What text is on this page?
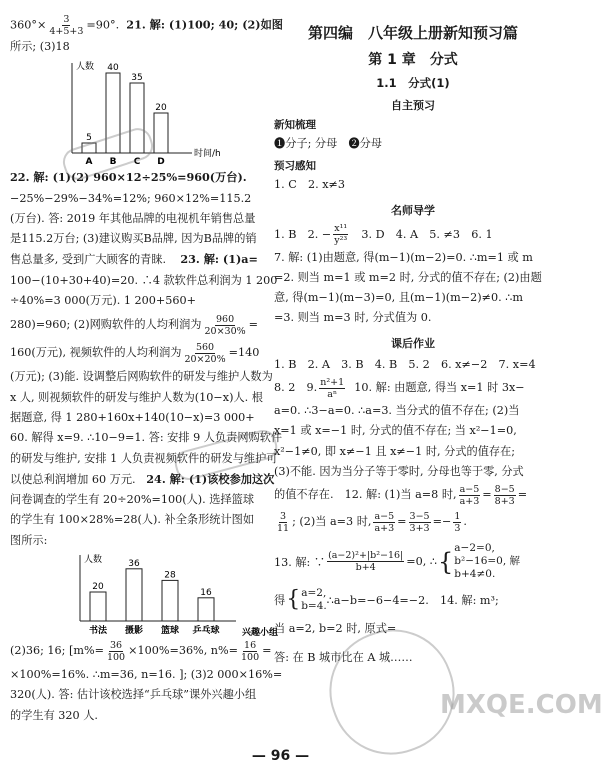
$360^\circ\times \frac{3}{4+5+3} =90^\circ$. 21. 解: (1)100; 40; (2)如图

所示; (3)18

人数
时间/h
5
A
40
B
35
C
20
D

22. 解: (1)(2) 960×12÷25%=960(万台).

−25%−29%−34%=12%; 960×12%=115.2

(万台). 答: 2019 年其他品牌的电视机年销售总量

是115.2万台; (3)建议购买B品牌, 因为B品牌的销

售总量多, 受到广大顾客的青睐. 23. 解: (1)a=

100−(10+30+40)=20. ∴4 款软件总利润为 1 200

÷40%=3 000(万元). 1 200+560+

280)=960; (2)网购软件的人均利润为 $\frac{960}{20\times 30\%}$ =

160(万元), 视频软件的人均利润为 $\frac{560}{20\times 20\%} =140$

(万元); (3)能. 设调整后网购软件的研发与维护人数为

x 人, 则视频软件的研发与维护人数为(10−x)人. 根

据题意, 得 1 280+160x+140(10−x)=3 000+

60. 解得 x=9. ∴10−9=1. 答: 安排 9 人负责网购软件

的研发与维护, 安排 1 人负责视频软件的研发与维护可

以使总利润增加 60 万元. 24. 解: (1)该校参加这次

问卷调查的学生有 20÷20%=100(人). 选择篮球

的学生有 100×28%=28(人). 补全条形统计图如

图所示:

人数
兴趣小组
20
书法
36
摄影
28
篮球
16
乒乓球

(2)36; 16; [$m\%= \frac{36}{100} \times 100\%=36\%$, $n\%= \frac{16}{100}$ =

×100%=16%. ∴m=36, n=16. ]; (3)2 000×16%=

320(人). 答: 估计该校选择“乒乓球”课外兴趣小组

的学生有 320 人.

第四编　八年级上册新知预习篇
第 1 章　分式
1.1　分式(1)
自主预习
新知梳理

❶分子; 分母　❷分母

预习感知

1. C　2. x≠3

名师导学

1. B　2. − $\frac{\text{x¹¹}}{\text{y²³}}$ 　3. D　4. A　5. ≠3　6. 1

7. 解: (1)由题意, 得(m−1)(m−2)=0. ∴m=1 或 m

=2. 则当 m=1 或 m=2 时, 分式的值不存在; (2)由题

意, 得(m−1)(m−3)=0, 且(m−1)(m−2)≠0. ∴m

=3. 则当 m=3 时, 分式值为 0.

课后作业

1. B　2. A　3. B　4. B　5. 2　6. x≠−2　7. x=4

8. 2　9. $\frac{\text{n²+1}}{\text{aⁿ}} 10$. 解: 由题意, 得当 x=1 时 3x−

a=0. ∴3−a=0. ∴a=3. 当分式的值不存在; (2)当

x=1 或 x=−1 时, 分式的值不存在; 当 x²−1=0,

x²−1≠0, 即 x≠−1 且 x≠−1 时, 分式的值存在;

(3)不能. 因为当分子等于零时, 分母也等于零, 分式

的值不存在.　12. 解: (1)当 a=8 时, $\frac{a-5}{a+3} = \frac{8-5}{8+3}$ =

$\frac{3}{11}$ ; (2)当 a=3 时, $\frac{a-5}{a+3} = \frac{3-5}{3+3} =- \frac{1}{3}$ .

13. 解: ∵ $\frac{\text{(a−2)²+|b²−16|}}{b+4} =0$, ∴ { a−2=0,
b²−16=0, 解
b+4≠0.
得 { a=2,
b=4. ∴a−b=−6−4=−2.　14. 解:
m³;

当 a=2, b=2 时, 原式=

答: 在 B 城市比在 A 城……

MXQE.COM
— 96 —
